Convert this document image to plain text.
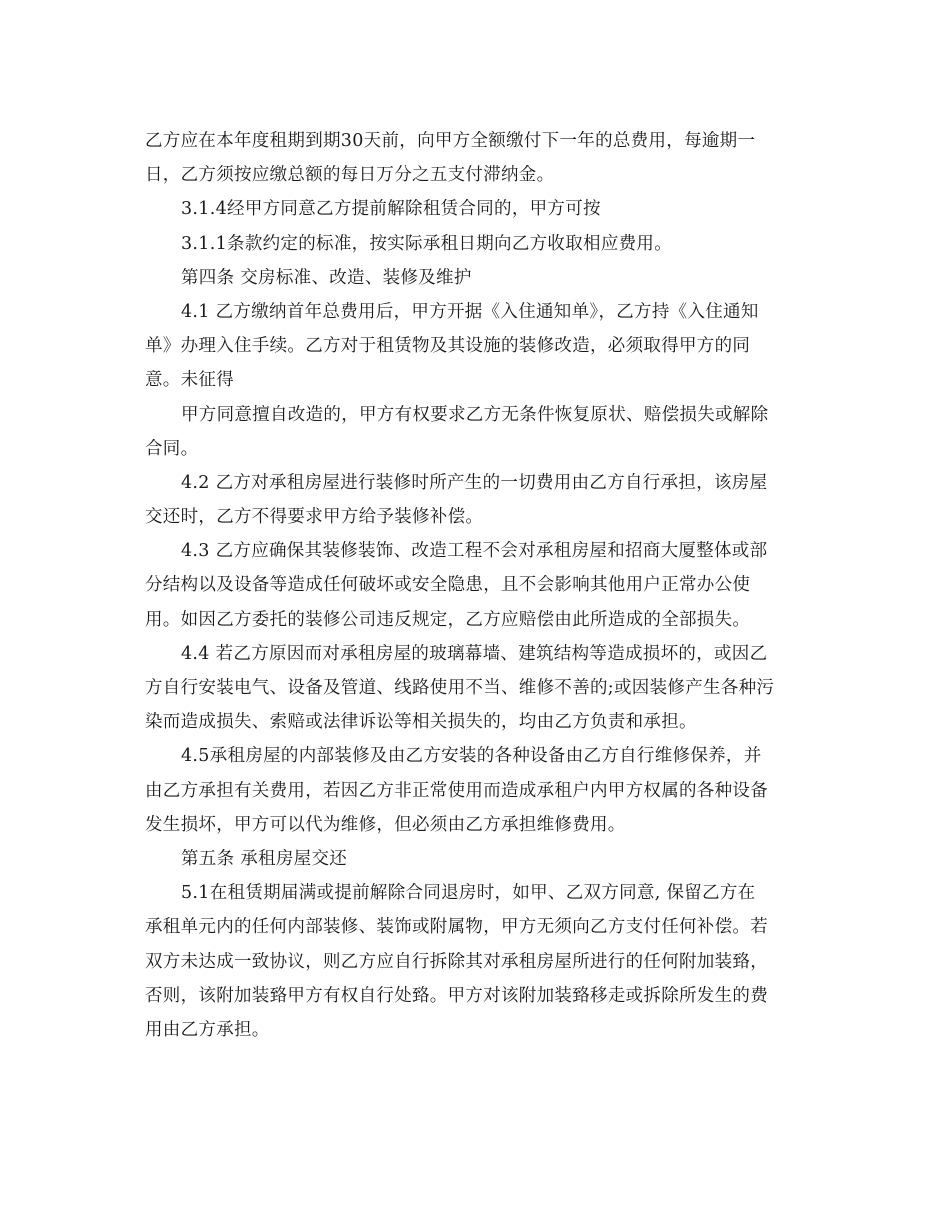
乙方应在本年度租期到期30天前，向甲方全额缴付下一年的总费用，每逾期一
日，乙方须按应缴总额的每日万分之五支付滞纳金。
3.1.4经甲方同意乙方提前解除租赁合同的，甲方可按
3.1.1条款约定的标准，按实际承租日期向乙方收取相应费用。
第四条 交房标准、改造、装修及维护
4.1 乙方缴纳首年总费用后，甲方开据《入住通知单》，乙方持《入住通知
单》办理入住手续。乙方对于租赁物及其设施的装修改造，必须取得甲方的同
意。未征得
甲方同意擅自改造的，甲方有权要求乙方无条件恢复原状、赔偿损失或解除
合同。
4.2 乙方对承租房屋进行装修时所产生的一切费用由乙方自行承担，该房屋
交还时，乙方不得要求甲方给予装修补偿。
4.3 乙方应确保其装修装饰、改造工程不会对承租房屋和招商大厦整体或部
分结构以及设备等造成任何破坏或安全隐患，且不会影响其他用户正常办公使
用。如因乙方委托的装修公司违反规定，乙方应赔偿由此所造成的全部损失。
4.4 若乙方原因而对承租房屋的玻璃幕墙、建筑结构等造成损坏的，或因乙
方自行安装电气、设备及管道、线路使用不当、维修不善的;或因装修产生各种污
染而造成损失、索赔或法律诉讼等相关损失的，均由乙方负责和承担。
4.5承租房屋的内部装修及由乙方安装的各种设备由乙方自行维修保养，并
由乙方承担有关费用，若因乙方非正常使用而造成承租户内甲方权属的各种设备
发生损坏，甲方可以代为维修，但必须由乙方承担维修费用。
第五条 承租房屋交还
5.1在租赁期届满或提前解除合同退房时，如甲、乙双方同意, 保留乙方在
承租单元内的任何内部装修、装饰或附属物，甲方无须向乙方支付任何补偿。若
双方未达成一致协议，则乙方应自行拆除其对承租房屋所进行的任何附加装臵，
否则，该附加装臵甲方有权自行处臵。甲方对该附加装臵移走或拆除所发生的费
用由乙方承担。
